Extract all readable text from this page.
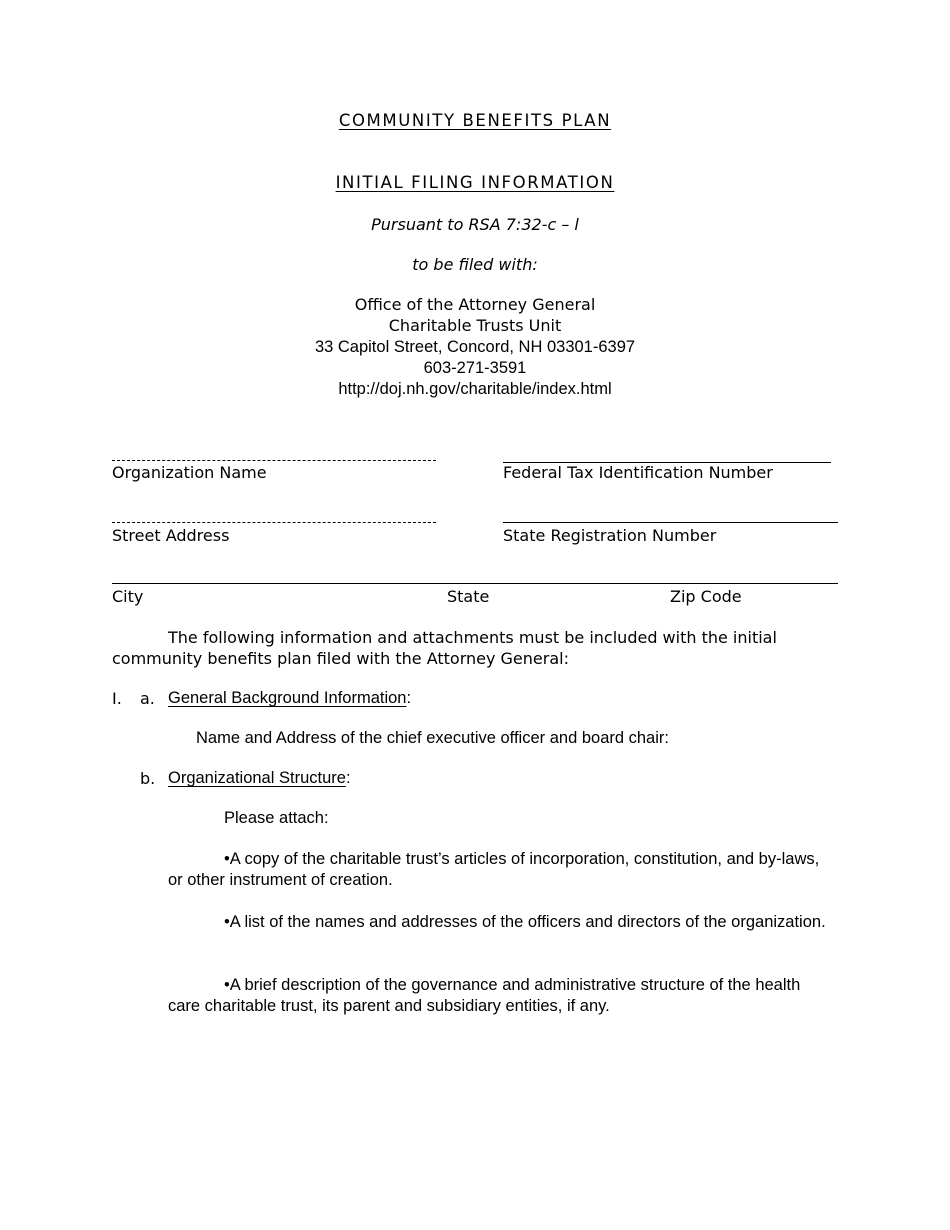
COMMUNITY BENEFITS PLAN
INITIAL FILING INFORMATION
Pursuant to RSA 7:32-c – l
to be filed with:
Office of the Attorney General
Charitable Trusts Unit
33 Capitol Street, Concord, NH 03301-6397
603-271-3591
http://doj.nh.gov/charitable/index.html
Organization Name	Federal Tax Identification Number
Street Address	State Registration Number
City	State	Zip Code
The following information and attachments must be included with the initial community benefits plan filed with the Attorney General:
I. a. General Background Information:
Name and Address of the chief executive officer and board chair:
b. Organizational Structure:
Please attach:
•A copy of the charitable trust’s articles of incorporation, constitution, and by-laws, or other instrument of creation.
•A list of the names and addresses of the officers and directors of the organization.
•A brief description of the governance and administrative structure of the health care charitable trust, its parent and subsidiary entities, if any.
